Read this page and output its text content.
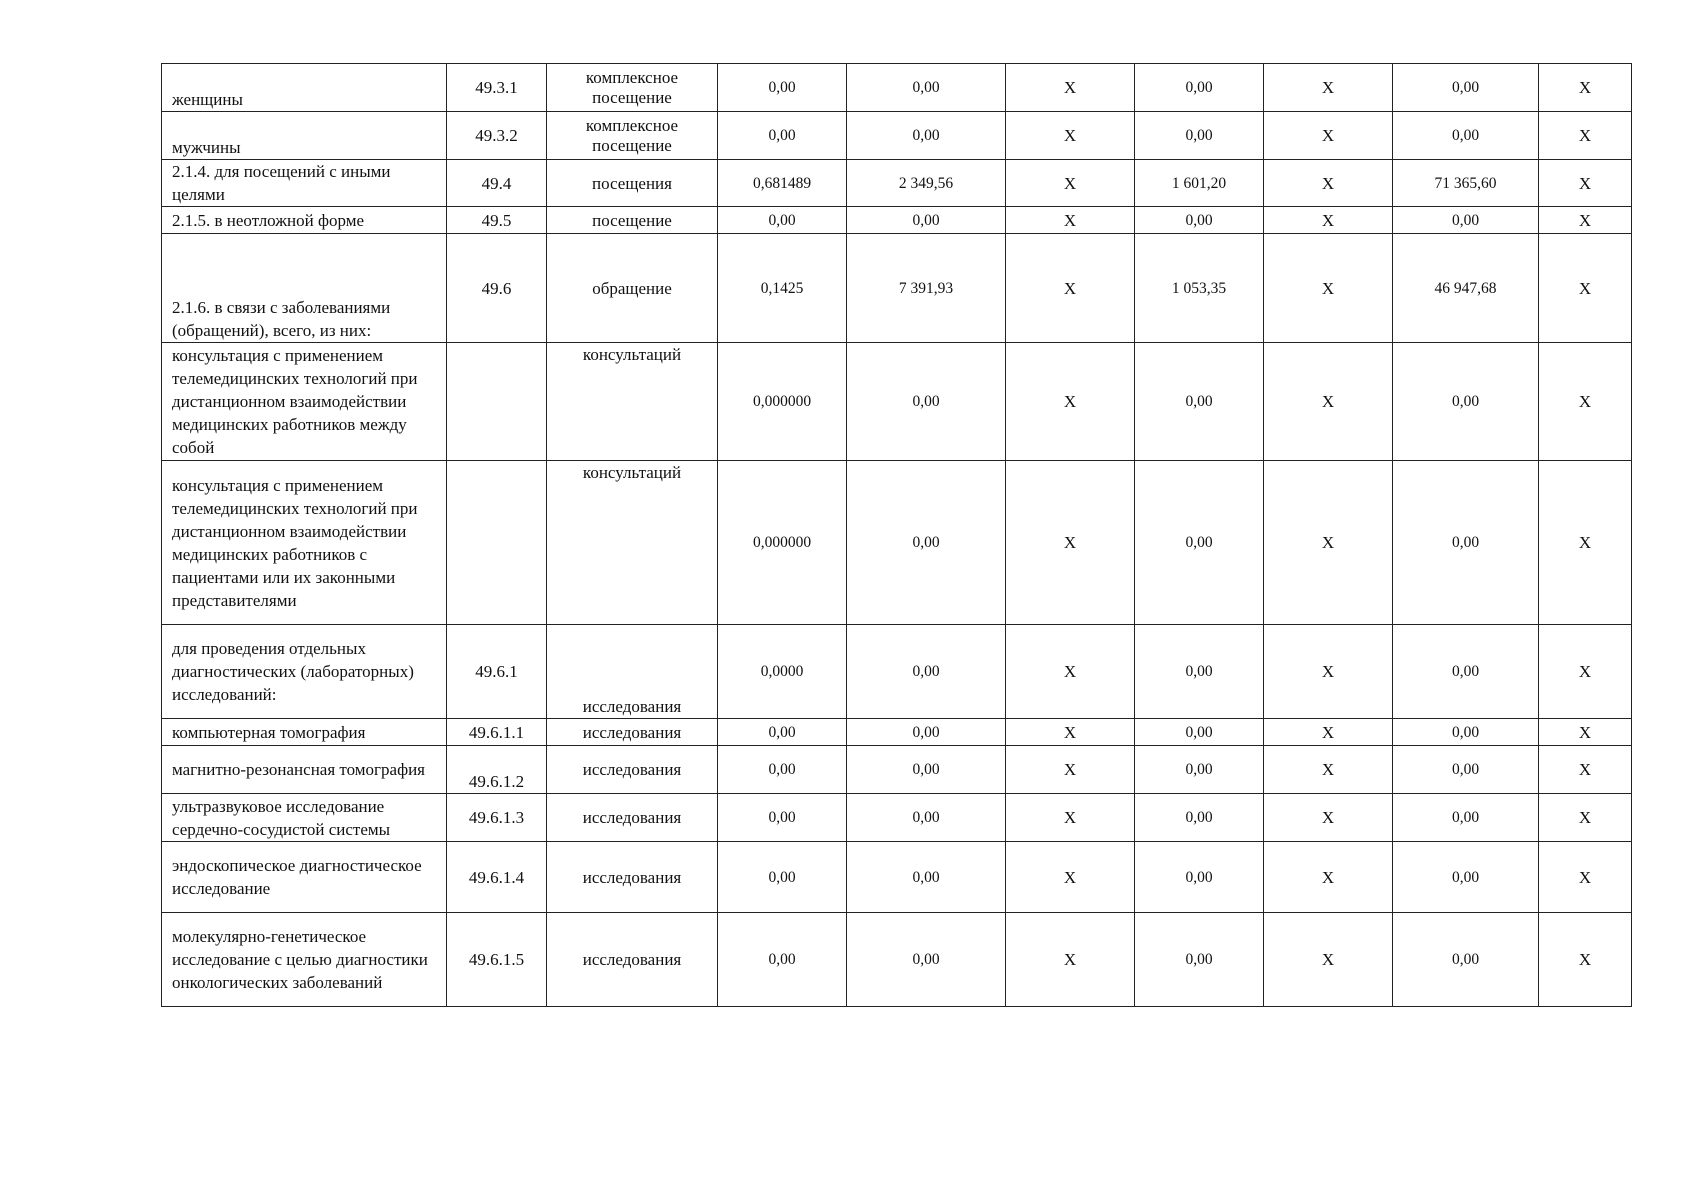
женщины	49.3.1	комплексное посещение	0,00	0,00	X	0,00	X	0,00	X
мужчины	49.3.2	комплексное посещение	0,00	0,00	X	0,00	X	0,00	X
2.1.4. для посещений с иными целями	49.4	посещения	0,681489	2 349,56	X	1 601,20	X	71 365,60	X
2.1.5. в неотложной форме	49.5	посещение	0,00	0,00	X	0,00	X	0,00	X
2.1.6. в связи с заболеваниями (обращений), всего, из них:	49.6	обращение	0,1425	7 391,93	X	1 053,35	X	46 947,68	X
консультация с применением телемедицинских технологий при дистанционном взаимодействии медицинских работников между собой		консультаций	0,000000	0,00	X	0,00	X	0,00	X
консультация с применением телемедицинских технологий при дистанционном взаимодействии медицинских работников с пациентами или их законными представителями		консультаций	0,000000	0,00	X	0,00	X	0,00	X
для проведения отдельных диагностических (лабораторных) исследований:	49.6.1	исследования	0,0000	0,00	X	0,00	X	0,00	X
компьютерная томография	49.6.1.1	исследования	0,00	0,00	X	0,00	X	0,00	X
магнитно-резонансная томография	49.6.1.2	исследования	0,00	0,00	X	0,00	X	0,00	X
ультразвуковое исследование сердечно-сосудистой системы	49.6.1.3	исследования	0,00	0,00	X	0,00	X	0,00	X
эндоскопическое диагностическое исследование	49.6.1.4	исследования	0,00	0,00	X	0,00	X	0,00	X
молекулярно-генетическое исследование с целью диагностики онкологических заболеваний	49.6.1.5	исследования	0,00	0,00	X	0,00	X	0,00	X
